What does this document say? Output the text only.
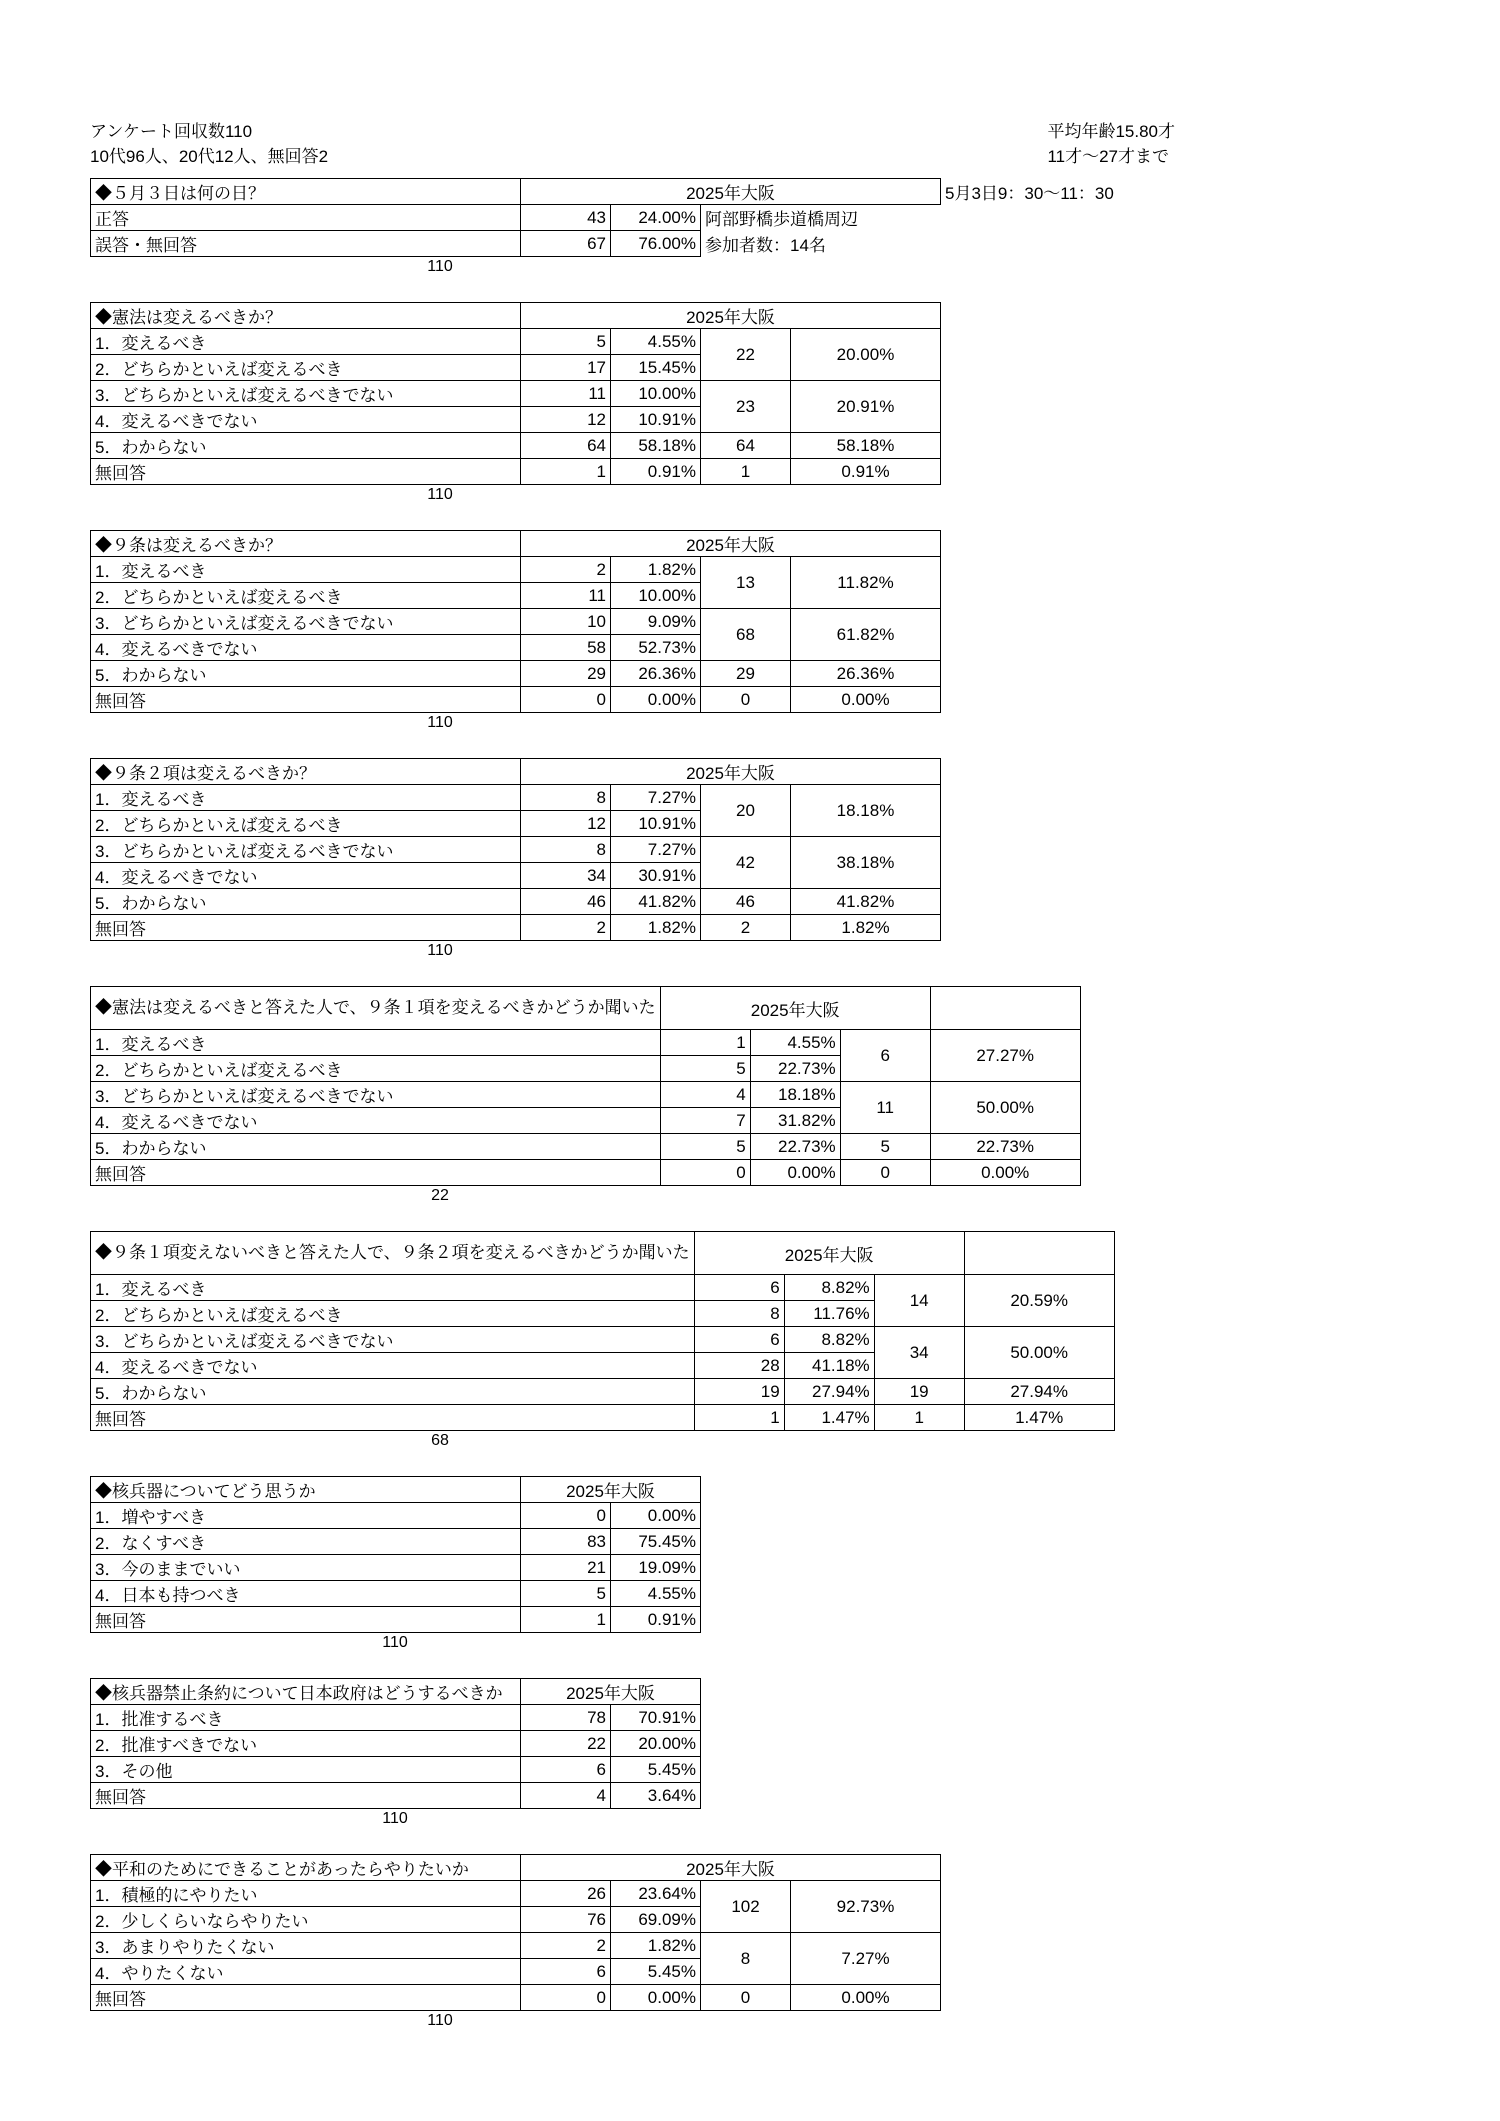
アンケート回収数110
10代96人、20代12人、無回答2
平均年齢15.80才
11才～27才まで
◆５月３日は何の日？	2025年大阪			5月3日9：30～11：30
正答	43	24.00%	阿部野橋歩道橋周辺	
誤答・無回答	67	76.00%	参加者数：14名	
110
◆憲法は変えるべきか？	2025年大阪			
1．変えるべき	5	4.55%	22	20.00%
2．どちらかといえば変えるべき	17	15.45%		
3．どちらかといえば変えるべきでない	11	10.00%	23	20.91%
4．変えるべきでない	12	10.91%		
5．わからない	64	58.18%	64	58.18%
無回答	1	0.91%	1	0.91%
110
◆９条は変えるべきか？	2025年大阪			
1．変えるべき	2	1.82%	13	11.82%
2．どちらかといえば変えるべき	11	10.00%		
3．どちらかといえば変えるべきでない	10	9.09%	68	61.82%
4．変えるべきでない	58	52.73%		
5．わからない	29	26.36%	29	26.36%
無回答	0	0.00%	0	0.00%
110
◆９条２項は変えるべきか？	2025年大阪			
1．変えるべき	8	7.27%	20	18.18%
2．どちらかといえば変えるべき	12	10.91%		
3．どちらかといえば変えるべきでない	8	7.27%	42	38.18%
4．変えるべきでない	34	30.91%		
5．わからない	46	41.82%	46	41.82%
無回答	2	1.82%	2	1.82%
110
◆憲法は変えるべきと答えた人で、９条１項を変えるべきかどうか聞いた	2025年大阪			
1．変えるべき	1	4.55%	6	27.27%
2．どちらかといえば変えるべき	5	22.73%		
3．どちらかといえば変えるべきでない	4	18.18%	11	50.00%
4．変えるべきでない	7	31.82%		
5．わからない	5	22.73%	5	22.73%
無回答	0	0.00%	0	0.00%
22
◆９条１項変えないべきと答えた人で、９条２項を変えるべきかどうか聞いた	2025年大阪			
1．変えるべき	6	8.82%	14	20.59%
2．どちらかといえば変えるべき	8	11.76%		
3．どちらかといえば変えるべきでない	6	8.82%	34	50.00%
4．変えるべきでない	28	41.18%		
5．わからない	19	27.94%	19	27.94%
無回答	1	1.47%	1	1.47%
68
◆核兵器についてどう思うか	2025年大阪	
1．増やすべき	0	0.00%
2．なくすべき	83	75.45%
3．今のままでいい	21	19.09%
4．日本も持つべき	5	4.55%
無回答	1	0.91%
110
◆核兵器禁止条約について日本政府はどうするべきか	2025年大阪	
1．批准するべき	78	70.91%
2．批准すべきでない	22	20.00%
3．その他	6	5.45%
無回答	4	3.64%
110
◆平和のためにできることがあったらやりたいか	2025年大阪			
1．積極的にやりたい	26	23.64%	102	92.73%
2．少しくらいならやりたい	76	69.09%		
3．あまりやりたくない	2	1.82%	8	7.27%
4．やりたくない	6	5.45%		
無回答	0	0.00%	0	0.00%
110
